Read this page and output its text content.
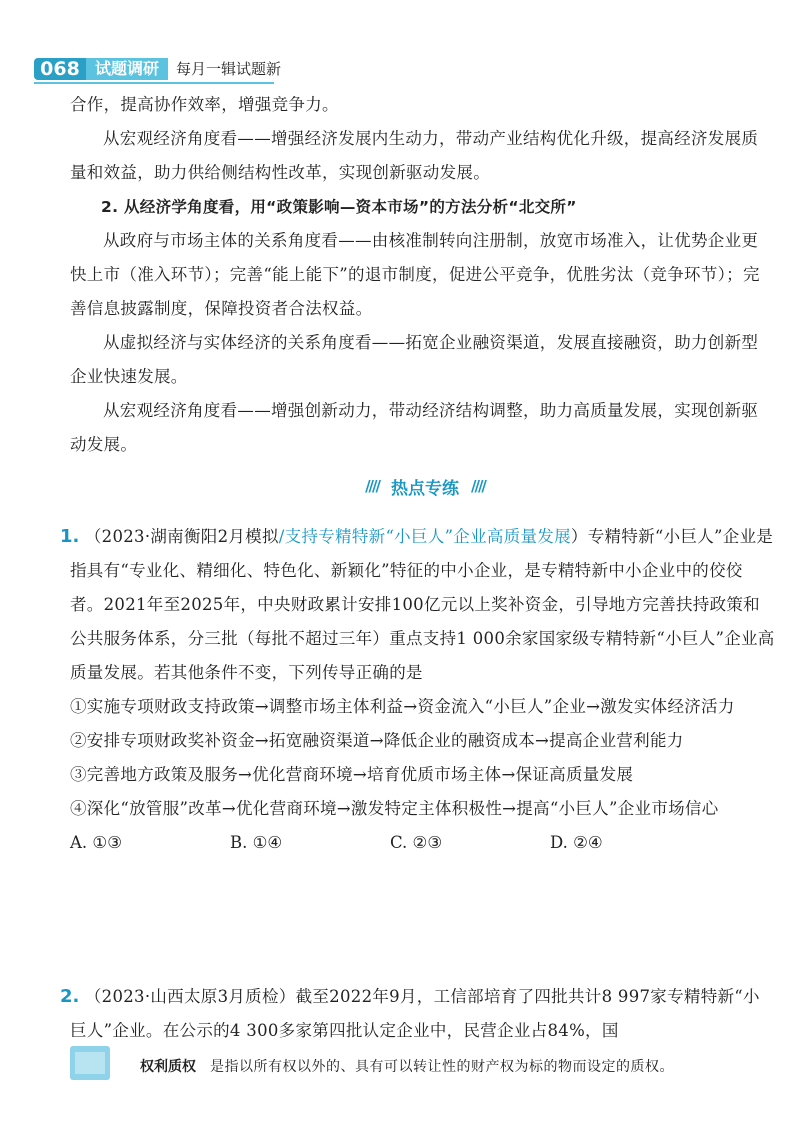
068 试题调研	每月一辑试题新

合作，提高协作效率，增强竞争力。

从宏观经济角度看——增强经济发展内生动力，带动产业结构优化升级，提高经济发展质量和效益，助力供给侧结构性改革，实现创新驱动发展。

2. 从经济学角度看，用“政策影响—资本市场”的方法分析“北交所”

从政府与市场主体的关系角度看——由核准制转向注册制，放宽市场准入，让优势企业更快上市（准入环节）；完善“能上能下”的退市制度，促进公平竞争，优胜劣汰（竞争环节）；完善信息披露制度，保障投资者合法权益。

从虚拟经济与实体经济的关系角度看——拓宽企业融资渠道，发展直接融资，助力创新型企业快速发展。

从宏观经济角度看——增强创新动力，带动经济结构调整，助力高质量发展，实现创新驱动发展。

//// 热点专练 ////
1. （2023·湖南衡阳2月模拟/支持专精特新“小巨人”企业高质量发展）专精特新“小巨人”企业是指具有“专业化、精细化、特色化、新颖化”特征的中小企业，是专精特新中小企业中的佼佼者。2021年至2025年，中央财政累计安排100亿元以上奖补资金，引导地方完善扶持政策和公共服务体系，分三批（每批不超过三年）重点支持1 000余家国家级专精特新“小巨人”企业高质量发展。若其他条件不变，下列传导正确的是

①实施专项财政支持政策→调整市场主体利益→资金流入“小巨人”企业→激发实体经济活力

②安排专项财政奖补资金→拓宽融资渠道→降低企业的融资成本→提高企业营利能力

③完善地方政策及服务→优化营商环境→培育优质市场主体→保证高质量发展

④深化“放管服”改革→优化营商环境→激发特定主体积极性→提高“小巨人”企业市场信心

A. ①③	B. ①④	C. ②③	D. ②④
2. （2023·山西太原3月质检）截至2022年9月，工信部培育了四批共计8 997家专精特新“小巨人”企业。在公示的4 300多家第四批认定企业中，民营企业占84%，国

权利质权 是指以所有权以外的、具有可以转让性的财产权为标的物而设定的质权。
